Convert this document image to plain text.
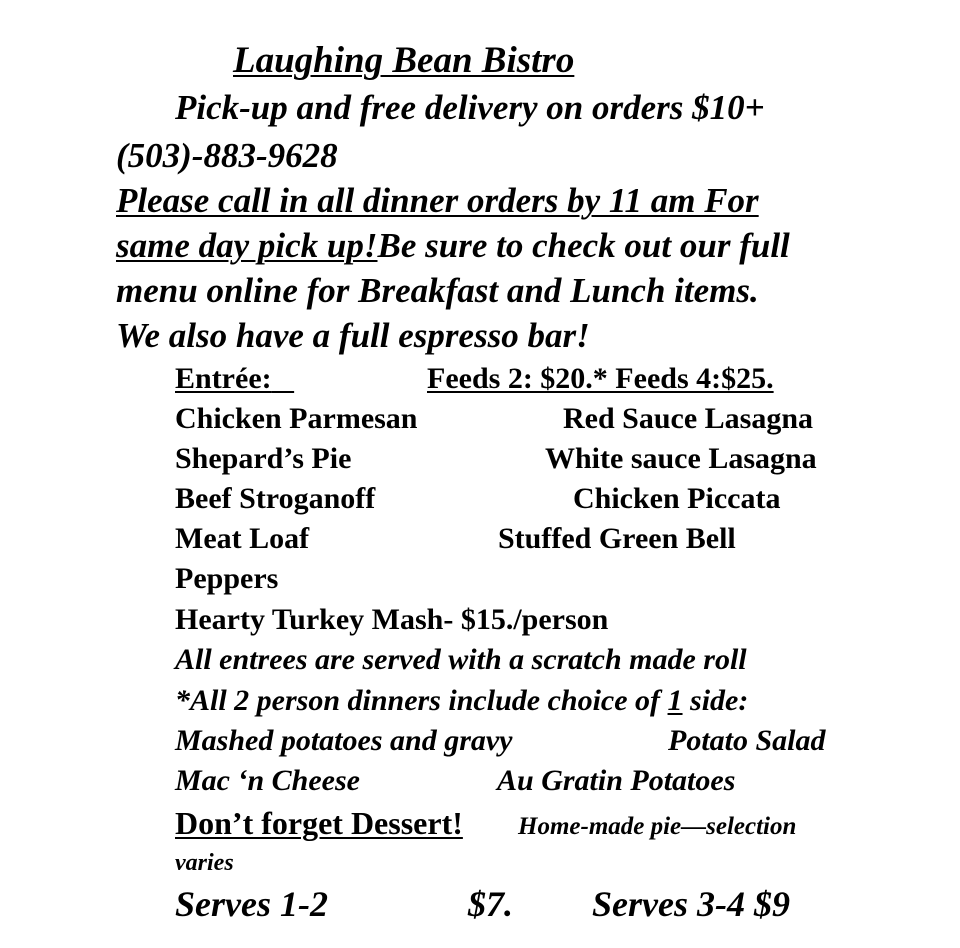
Laughing Bean Bistro
Pick-up and free delivery on orders $10+
(503)-883-9628
Please call in all dinner orders by 11 am For
same day pick up!Be sure to check out our full
menu online for Breakfast and Lunch items.
We also have a full espresso bar!
Entrée:	Feeds 2: $20.* Feeds 4:$25.
Chicken Parmesan	Red Sauce Lasagna
Shepard’s Pie	White sauce Lasagna
Beef Stroganoff	Chicken Piccata
Meat Loaf	Stuffed Green Bell
Peppers
Hearty Turkey Mash- $15./person
All entrees are served with a scratch made roll
*All 2 person dinners include choice of 1 side:
Mashed potatoes and gravy	Potato Salad
Mac ‘n Cheese	Au Gratin Potatoes
Don’t forget Dessert! Home-made pie—selection
varies
Serves 1-2	$7. Serves 3-4 $9
